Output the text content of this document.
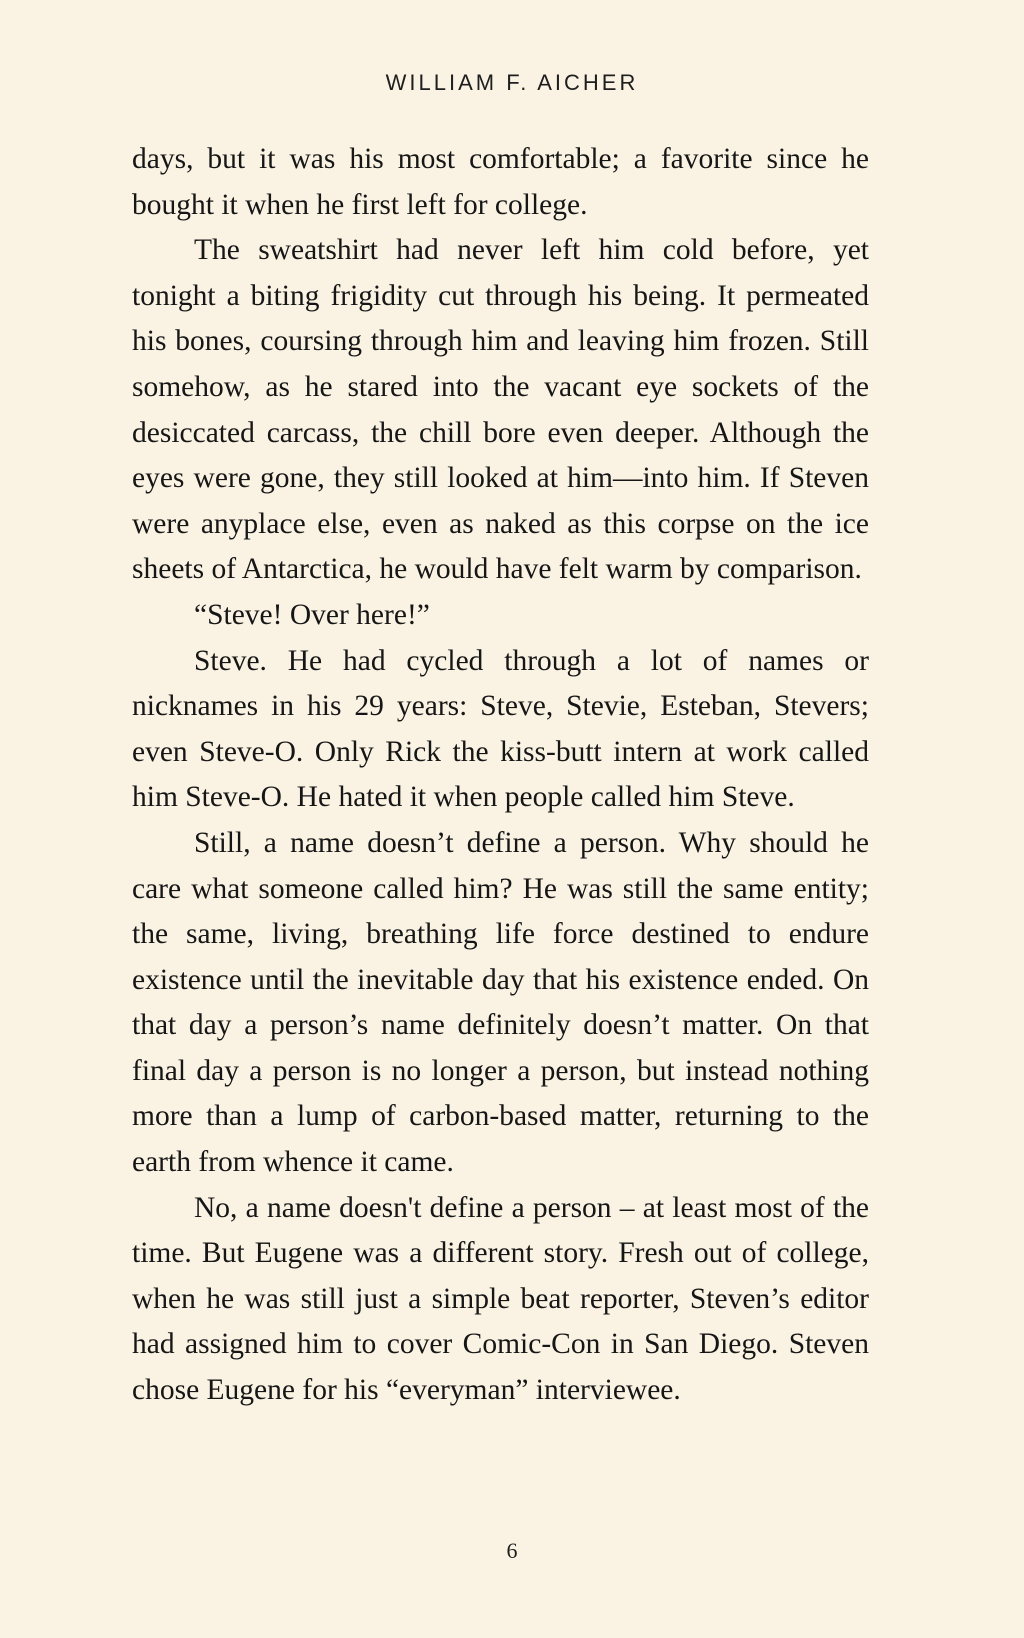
WILLIAM F. AICHER

days, but it was his most comfortable; a favorite since he bought it when he first left for college.

The sweatshirt had never left him cold before, yet tonight a biting frigidity cut through his being. It permeated his bones, coursing through him and leaving him frozen. Still somehow, as he stared into the vacant eye sockets of the desiccated carcass, the chill bore even deeper. Although the eyes were gone, they still looked at him—into him. If Steven were anyplace else, even as naked as this corpse on the ice sheets of Antarctica, he would have felt warm by comparison.

“Steve! Over here!”

Steve. He had cycled through a lot of names or nicknames in his 29 years: Steve, Stevie, Esteban, Stevers; even Steve-O. Only Rick the kiss-butt intern at work called him Steve-O. He hated it when people called him Steve.

Still, a name doesn’t define a person. Why should he care what someone called him? He was still the same entity; the same, living, breathing life force destined to endure existence until the inevitable day that his existence ended. On that day a person’s name definitely doesn’t matter. On that final day a person is no longer a person, but instead nothing more than a lump of carbon-based matter, returning to the earth from whence it came.

No, a name doesn't define a person – at least most of the time. But Eugene was a different story. Fresh out of college, when he was still just a simple beat reporter, Steven’s editor had assigned him to cover Comic-Con in San Diego. Steven chose Eugene for his “everyman” interviewee.

6
